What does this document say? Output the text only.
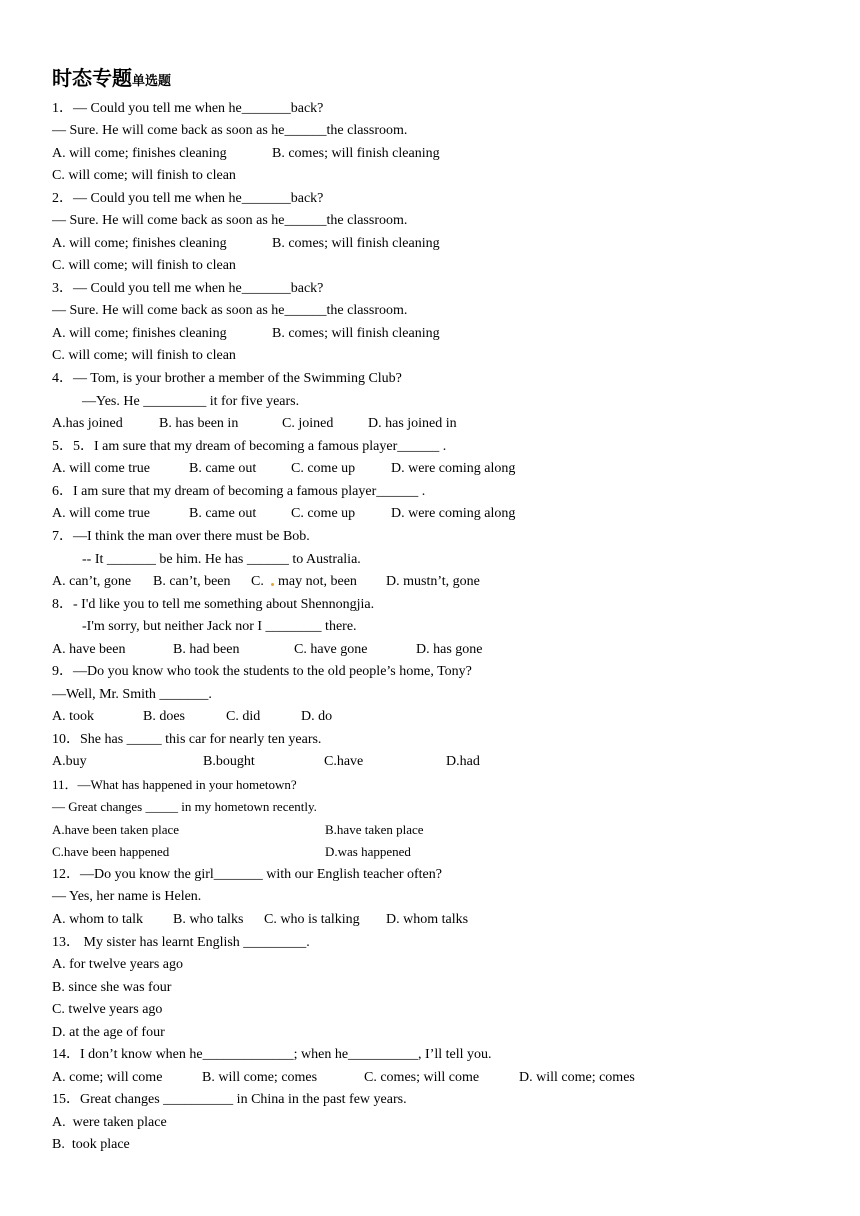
时态专题单选题
1．— Could you tell me when he_______back?
— Sure. He will come back as soon as he______the classroom.
A. will come; finishes cleaning	B. comes; will finish cleaning
C. will come; will finish to clean
2．— Could you tell me when he_______back?
— Sure. He will come back as soon as he______the classroom.
A. will come; finishes cleaning	B. comes; will finish cleaning
C. will come; will finish to clean
3．— Could you tell me when he_______back?
— Sure. He will come back as soon as he______the classroom.
A. will come; finishes cleaning	B. comes; will finish cleaning
C. will come; will finish to clean
4．— Tom, is your brother a member of the Swimming Club?
—Yes. He _________ it for five years.
A.has joined	B. has been in	C. joined D. has joined in
5．5．I am sure that my dream of becoming a famous player______ .
A. will come true	B. came out C. come up	D. were coming along
6．I am sure that my dream of becoming a famous player______ .
A. will come true	B. came out C. come up	D. were coming along
7．—I think the man over there must be Bob.
-- It _______ be him. He has ______ to Australia.
A. can’t, gone B. can’t, been C. may not, been D. mustn’t, gone
8．- I'd like you to tell me something about Shennongjia.
-I'm sorry, but neither Jack nor I ________ there.
A. have been	B. had been	C. have gone	D. has gone
9．—Do you know who took the students to the old people’s home, Tony?
—Well, Mr. Smith _______.
A. took	B. does	C. did	D. do
10．She has _____ this car for nearly ten years.
A.buy	B.bought	C.have	D.had
11．—What has happened in your hometown?
— Great changes _____ in my hometown recently.
A.have been taken place	B.have taken place
C.have been happened	D.was happened
12．—Do you know the girl_______ with our English teacher often?
— Yes, her name is Helen.
A. whom to talk B. who talks C. who is talking D. whom talks
13． My sister has learnt English _________.
A. for twelve years ago
B. since she was four
C. twelve years ago
D. at the age of four
14．I don’t know when he_____________; when he__________, I’ll tell you.
A. come; will come	B. will come; comes	C. comes; will come	D. will come; comes
15．Great changes __________ in China in the past few years.
A.  were taken place
B.  took place
